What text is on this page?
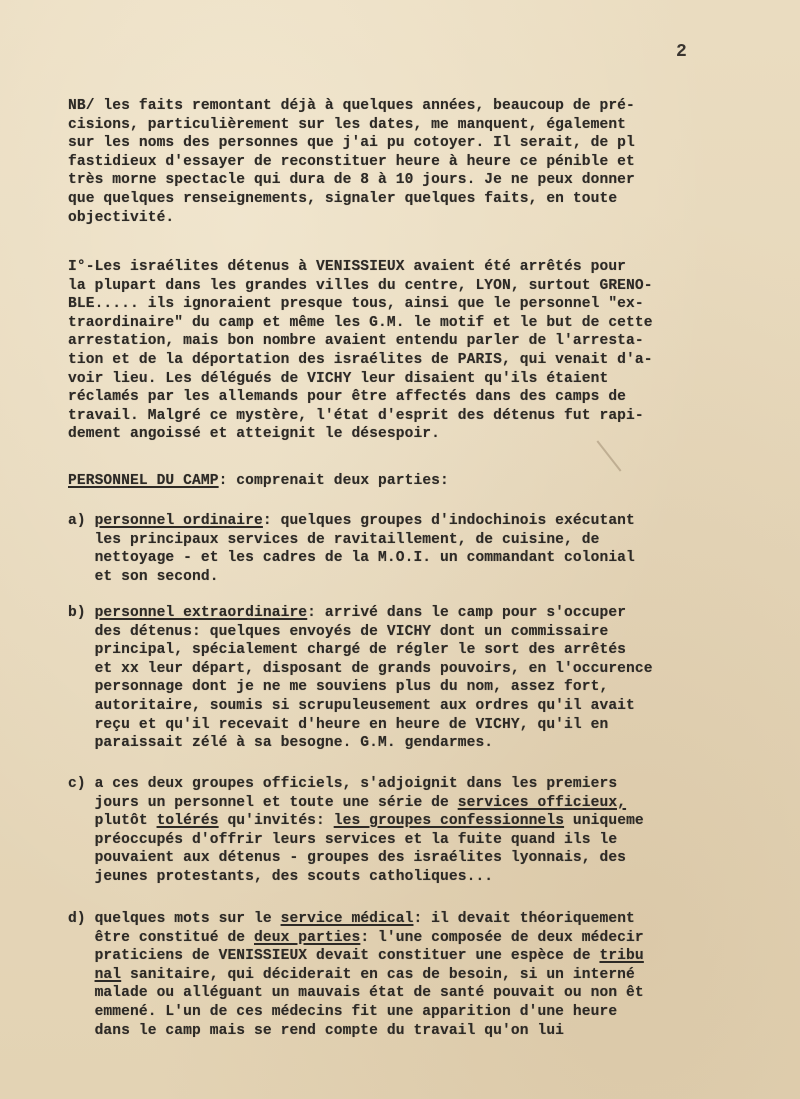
2
NB/ les faits remontant déjà à quelques années, beaucoup de pré-
cisions, particulièrement sur les dates, me manquent, également
sur les noms des personnes que j'ai pu cotoyer. Il serait, de pl
fastidieux d'essayer de reconstituer heure à heure ce pénible et
très morne spectacle qui dura de 8 à 10 jours. Je ne peux donner
que quelques renseignements, signaler quelques faits, en toute
objectivité.
I°-Les israélites détenus à VENISSIEUX avaient été arrêtés pour
la plupart dans les grandes villes du centre, LYON, surtout GRENO-
BLE..... ils ignoraient presque tous, ainsi que le personnel "ex-
traordinaire" du camp et même les G.M. le motif et le but de cette
arrestation, mais bon nombre avaient entendu parler de l'arresta-
tion et de la déportation des israélites de PARIS, qui venait d'a-
voir lieu. Les délégués de VICHY leur disaient qu'ils étaient
réclamés par les allemands pour être affectés dans des camps de
travail. Malgré ce mystère, l'état d'esprit des détenus fut rapi-
dement angoissé et atteignit le désespoir.
PERSONNEL DU CAMP: comprenait deux parties:
a) personnel ordinaire: quelques groupes d'indochinois exécutant
les principaux services de ravitaillement, de cuisine, de
nettoyage - et les cadres de la M.O.I. un commandant colonial
et son second.
b) personnel extraordinaire: arrivé dans le camp pour s'occuper
des détenus: quelques envoyés de VICHY dont un commissaire
principal, spécialement chargé de régler le sort des arrêtés
et xx leur départ, disposant de grands pouvoirs, en l'occurence
personnage dont je ne me souviens plus du nom, assez fort,
autoritaire, soumis si scrupuleusement aux ordres qu'il avait
reçu et qu'il recevait d'heure en heure de VICHY, qu'il en
paraissait zélé à sa besogne. G.M. gendarmes.
c) a ces deux groupes officiels, s'adjoignit dans les premiers
jours un personnel et toute une série de services officieux,
plutôt tolérés qu'invités: les groupes confessionnels uniqueme
préoccupés d'offrir leurs services et la fuite quand ils le
pouvaient aux détenus - groupes des israélites lyonnais, des
jeunes protestants, des scouts catholiques...
d) quelques mots sur le service médical: il devait théoriquement
être constitué de deux parties: l'une composée de deux médecir
praticiens de VENISSIEUX devait constituer une espèce de tribu
nal sanitaire, qui déciderait en cas de besoin, si un interné
malade ou alléguant un mauvais état de santé pouvait ou non êt
emmené. L'un de ces médecins fit une apparition d'une heure
dans le camp mais se rend compte du travail qu'on lui
